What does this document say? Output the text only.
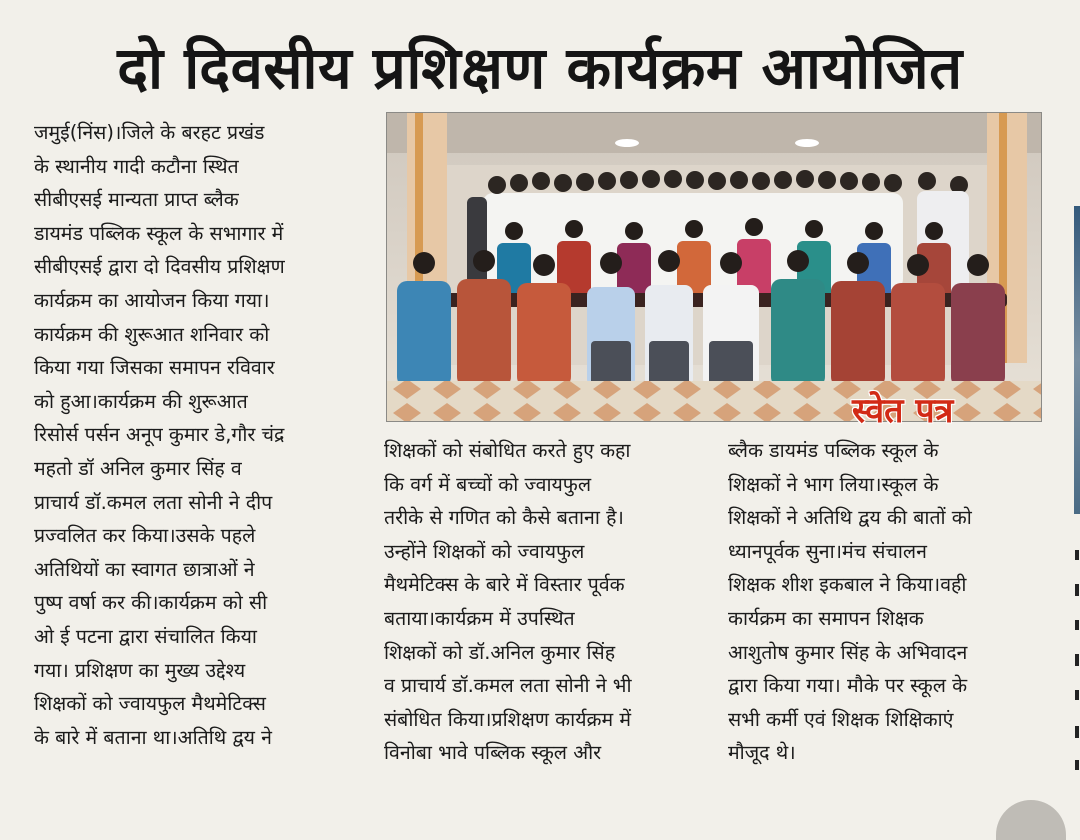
दो दिवसीय प्रशिक्षण कार्यक्रम आयोजित
जमुई(निंस)।जिले के बरहट प्रखंड
के स्थानीय गादी कटौना स्थित
सीबीएसई मान्यता प्राप्त ब्लैक
डायमंड पब्लिक स्कूल के सभागार में
सीबीएसई द्वारा दो दिवसीय प्रशिक्षण
कार्यक्रम का आयोजन किया गया।
कार्यक्रम की शुरूआत शनिवार को
किया गया जिसका समापन रविवार
को हुआ।कार्यक्रम की शुरूआत
रिसोर्स पर्सन अनूप कुमार डे,गौर चंद्र
महतो डॉ अनिल कुमार सिंह व
प्राचार्य डॉ.कमल लता सोनी ने दीप
प्रज्वलित कर किया।उसके पहले
अतिथियों का स्वागत छात्राओं ने
पुष्प वर्षा कर की।कार्यक्रम को सी
ओ ई पटना द्वारा संचालित किया
गया। प्रशिक्षण का मुख्य उद्देश्य
शिक्षकों को ज्वायफुल मैथमेटिक्स
के बारे में बताना था।अतिथि द्वय ने
स्वेत पत्र
शिक्षकों को संबोधित करते हुए कहा
कि वर्ग में बच्चों को ज्वायफुल
तरीके से गणित को कैसे बताना है।
उन्होंने शिक्षकों को ज्वायफुल
मैथमेटिक्स के बारे में विस्तार पूर्वक
बताया।कार्यक्रम में उपस्थित
शिक्षकों को डॉ.अनिल कुमार सिंह
व प्राचार्य डॉ.कमल लता सोनी ने भी
संबोधित किया।प्रशिक्षण कार्यक्रम में
विनोबा भावे पब्लिक स्कूल और
ब्लैक डायमंड पब्लिक स्कूल के
शिक्षकों ने भाग लिया।स्कूल के
शिक्षकों ने अतिथि द्वय की बातों को
ध्यानपूर्वक सुना।मंच संचालन
शिक्षक शीश इकबाल ने किया।वही
कार्यक्रम का समापन शिक्षक
आशुतोष कुमार सिंह के अभिवादन
द्वारा किया गया। मौके पर स्कूल के
सभी कर्मी एवं शिक्षक शिक्षिकाएं
मौजूद थे।
